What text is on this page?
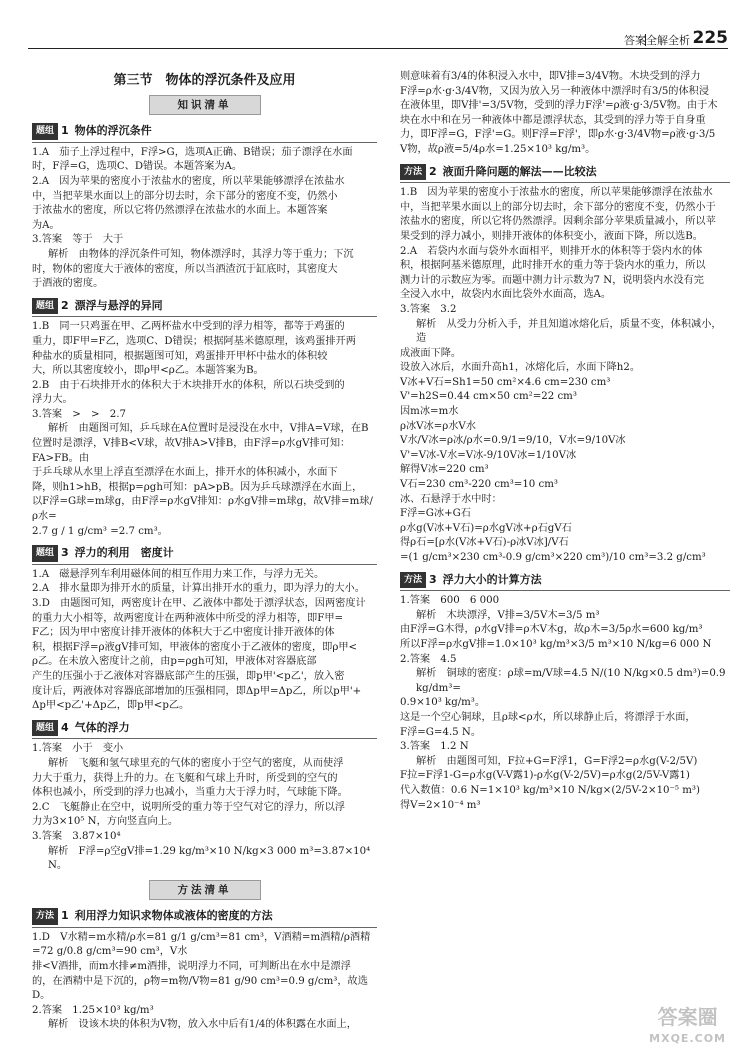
答案全解全析 225
第三节　物体的浮沉条件及应用
知识清单
题组 1 物体的浮沉条件

1.A　茄子上浮过程中，F浮>G，选项A正确、B错误；茄子漂浮在水面

时，F浮=G，选项C、D错误。本题答案为A。

2.A　因为苹果的密度小于浓盐水的密度，所以苹果能够漂浮在浓盐水

中，当把苹果水面以上的部分切去时，余下部分的密度不变，仍然小

于浓盐水的密度，所以它将仍然漂浮在浓盐水的水面上。本题答案

为A。

3.答案　等于　大于

解析　由物体的浮沉条件可知，物体漂浮时，其浮力等于重力；下沉

时，物体的密度大于液体的密度，所以当酒渣沉于缸底时，其密度大

于酒液的密度。

题组 2 漂浮与悬浮的异同

1.B　同一只鸡蛋在甲、乙两杯盐水中受到的浮力相等，都等于鸡蛋的

重力，即F甲=F乙，选项C、D错误；根据阿基米德原理，该鸡蛋排开两

种盐水的质量相同，根据题图可知，鸡蛋排开甲杯中盐水的体积较

大，所以其密度较小，即ρ甲<ρ乙。本题答案为B。

2.B　由于石块排开水的体积大于木块排开水的体积，所以石块受到的

浮力大。

3.答案　>　>　2.7

解析　由题图可知，乒乓球在A位置时是浸没在水中，V排A=V球，在B

位置时是漂浮，V排B<V球，故V排A>V排B，由F浮=ρ水gV排可知：FA>FB。由

于乒乓球从水里上浮直至漂浮在水面上，排开水的体积减小，水面下

降，则h1>hB，根据p=ρgh可知：pA>pB。因为乒乓球漂浮在水面上，

以F浮=G球=m球g，由F浮=ρ水gV排知：ρ水gV排=m球g，故V排=m球/ρ水=

2.7 g / 1 g/cm³ =2.7 cm³。

题组 3 浮力的利用　密度计

1.A　磁悬浮列车利用磁体间的相互作用力来工作，与浮力无关。

2.A　排水量即为排开水的质量，计算出排开水的重力，即为浮力的大小。

3.D　由题图可知，两密度计在甲、乙液体中都处于漂浮状态，因两密度计

的重力大小相等，故两密度计在两种液体中所受的浮力相等，即F甲=

F乙；因为甲中密度计排开液体的体积大于乙中密度计排开液体的体

积，根据F浮=ρ液gV排可知，甲液体的密度小于乙液体的密度，即ρ甲<

ρ乙。在未放入密度计之前，由p=ρgh可知，甲液体对容器底部

产生的压强小于乙液体对容器底部产生的压强，即p甲'<p乙'，放入密

度计后，两液体对容器底部增加的压强相同，即Δp甲=Δp乙，所以p甲'+

Δp甲<p乙'+Δp乙，即p甲<p乙。

题组 4 气体的浮力

1.答案　小于　变小

解析　飞艇和氢气球里充的气体的密度小于空气的密度，从而使浮

力大于重力，获得上升的力。在飞艇和气球上升时，所受到的空气的

体积也减小，所受到的浮力也减小，当重力大于浮力时，气球能下降。

2.C　飞艇静止在空中，说明所受的重力等于空气对它的浮力，所以浮

力为3×10⁵ N，方向竖直向上。

3.答案　3.87×10⁴

解析　F浮=ρ空gV排=1.29 kg/m³×10 N/kg×3 000 m³=3.87×10⁴ N。

方法清单
方法 1 利用浮力知识求物体或液体的密度的方法

1.D　V水精=m水精/ρ水=81 g/1 g/cm³=81 cm³，V酒精=m酒精/ρ酒精=72 g/0.8 g/cm³=90 cm³，V水

排<V酒排，而m水排≠m酒排，说明浮力不同，可判断出在水中是漂浮

的，在酒精中是下沉的，ρ物=m物/V物=81 g/90 cm³=0.9 g/cm³，故选D。

2.答案　1.25×10³ kg/m³

解析　设该木块的体积为V物，放入水中后有1/4的体积露在水面上，

则意味着有3/4的体积浸入水中，即V排=3/4V物。木块受到的浮力

F浮=ρ水·g·3/4V物，又因为放入另一种液体中漂浮时有3/5的体积浸

在液体里，即V排'=3/5V物，受到的浮力F浮'=ρ液·g·3/5V物。由于木

块在水中和在另一种液体中都是漂浮状态，其受到的浮力等于自身重

力，即F浮=G，F浮'=G。则F浮=F浮'，即ρ水·g·3/4V物=ρ液·g·3/5

V物，故ρ液=5/4ρ水=1.25×10³ kg/m³。

方法 2 液面升降问题的解法——比较法

1.B　因为苹果的密度小于浓盐水的密度，所以苹果能够漂浮在浓盐水

中，当把苹果水面以上的部分切去时，余下部分的密度不变，仍然小于

浓盐水的密度，所以它将仍然漂浮。因剩余部分苹果质量减小，所以苹

果受到的浮力减小，则排开液体的体积变小，液面下降，所以选B。

2.A　若袋内水面与袋外水面相平，则排开水的体积等于袋内水的体

积，根据阿基米德原理，此时排开水的重力等于袋内水的重力，所以

测力计的示数应为零。而题中测力计示数为7 N，说明袋内水没有完

全浸入水中，故袋内水面比袋外水面高，选A。

3.答案　3.2

解析　从受力分析入手，并且知道冰熔化后，质量不变，体积减小，造

成液面下降。

设放入冰后，水面升高h1，冰熔化后，水面下降h2。

V冰+V石=Sh1=50 cm²×4.6 cm=230 cm³

V'=h2S=0.44 cm×50 cm²=22 cm³

因m冰=m水

ρ冰V冰=ρ水V水

V水/V冰=ρ冰/ρ水=0.9/1=9/10，V水=9/10V冰

V'=V冰-V水=V冰-9/10V冰=1/10V冰

解得V冰=220 cm³

V石=230 cm³-220 cm³=10 cm³

冰、石悬浮于水中时：

F浮=G冰+G石

ρ水g(V冰+V石)=ρ水gV冰+ρ石gV石

得ρ石=[ρ水(V冰+V石)-ρ冰V冰]/V石

=(1 g/cm³×230 cm³-0.9 g/cm³×220 cm³)/10 cm³=3.2 g/cm³

方法 3 浮力大小的计算方法

1.答案　600　6 000

解析　木块漂浮，V排=3/5V木=3/5 m³

由F浮=G木得，ρ水gV排=ρ木V木g，故ρ木=3/5ρ水=600 kg/m³

所以F浮=ρ水gV排=1.0×10³ kg/m³×3/5 m³×10 N/kg=6 000 N

2.答案　4.5

解析　铜球的密度：ρ球=m/V球=4.5 N/(10 N/kg×0.5 dm³)=0.9 kg/dm³=

0.9×10³ kg/m³。

这是一个空心铜球，且ρ球<ρ水，所以球静止后，将漂浮于水面，

F浮=G=4.5 N。

3.答案　1.2 N

解析　由题图可知，F拉+G=F浮1，G=F浮2=ρ水g(V-2/5V)

F拉=F浮1-G=ρ水g(V-V露1)-ρ水g(V-2/5V)=ρ水g(2/5V-V露1)

代入数值：0.6 N=1×10³ kg/m³×10 N/kg×(2/5V-2×10⁻⁵ m³)

得V=2×10⁻⁴ m³

答案圈
MXQE.COM
